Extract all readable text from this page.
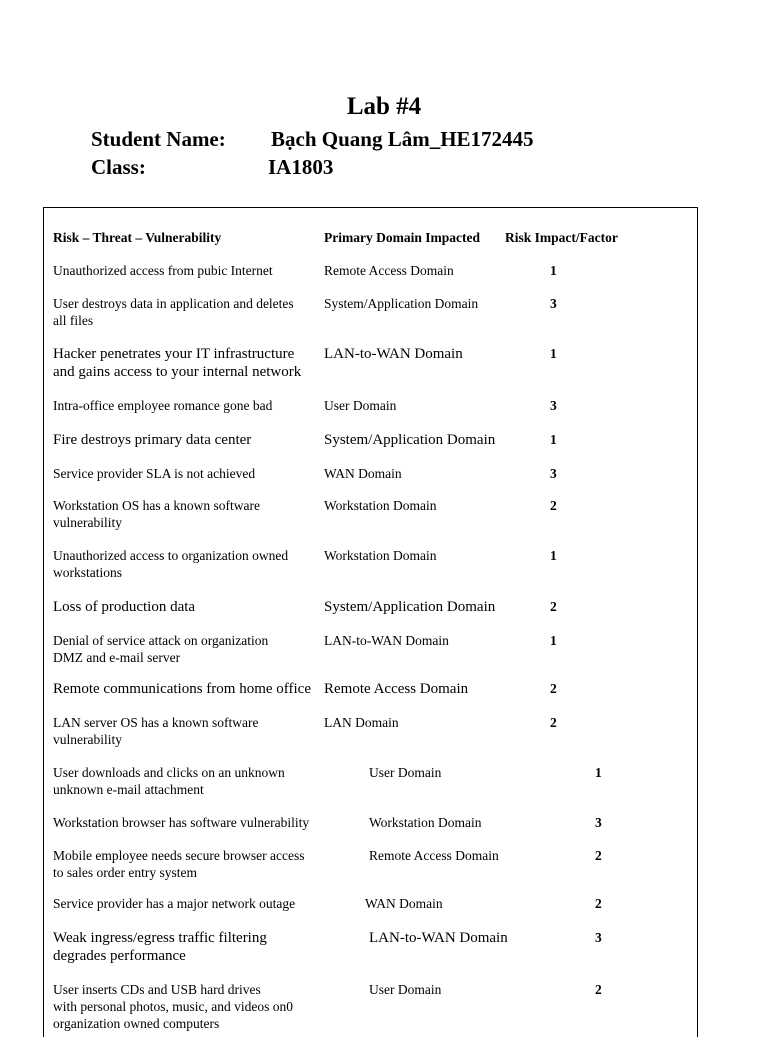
Lab #4
Student Name: Bạch Quang Lâm_HE172445
Class:	IA1803
Risk – Threat – Vulnerability	Primary Domain Impacted Risk Impact/Factor
Unauthorized access from pubic Internet	Remote Access Domain	1
User destroys data in application and deletes
all files
System/Application Domain	3
Hacker penetrates your IT infrastructure
and gains access to your internal network
LAN-to-WAN Domain	1
Intra-office employee romance gone bad	User Domain	3
Fire destroys primary data center	System/Application Domain	1
Service provider SLA is not achieved	WAN Domain	3
Workstation OS has a known software
vulnerability
Workstation Domain	2
Unauthorized access to organization owned
workstations
Workstation Domain	1
Loss of production data	System/Application Domain	2
Denial of service attack on organization
DMZ and e-mail server
LAN-to-WAN Domain	1
Remote communications from home office Remote Access Domain	2
LAN server OS has a known software
vulnerability
LAN Domain	2
User downloads and clicks on an unknown
unknown e-mail attachment
User Domain	1
Workstation browser has software vulnerability	Workstation Domain	3
Mobile employee needs secure browser access
to sales order entry system
Remote Access Domain	2
Service provider has a major network outage	WAN Domain	2
Weak ingress/egress traffic filtering
degrades performance
LAN-to-WAN Domain	3
User inserts CDs and USB hard drives
with personal photos, music, and videos on0
organization owned computers
User Domain	2
